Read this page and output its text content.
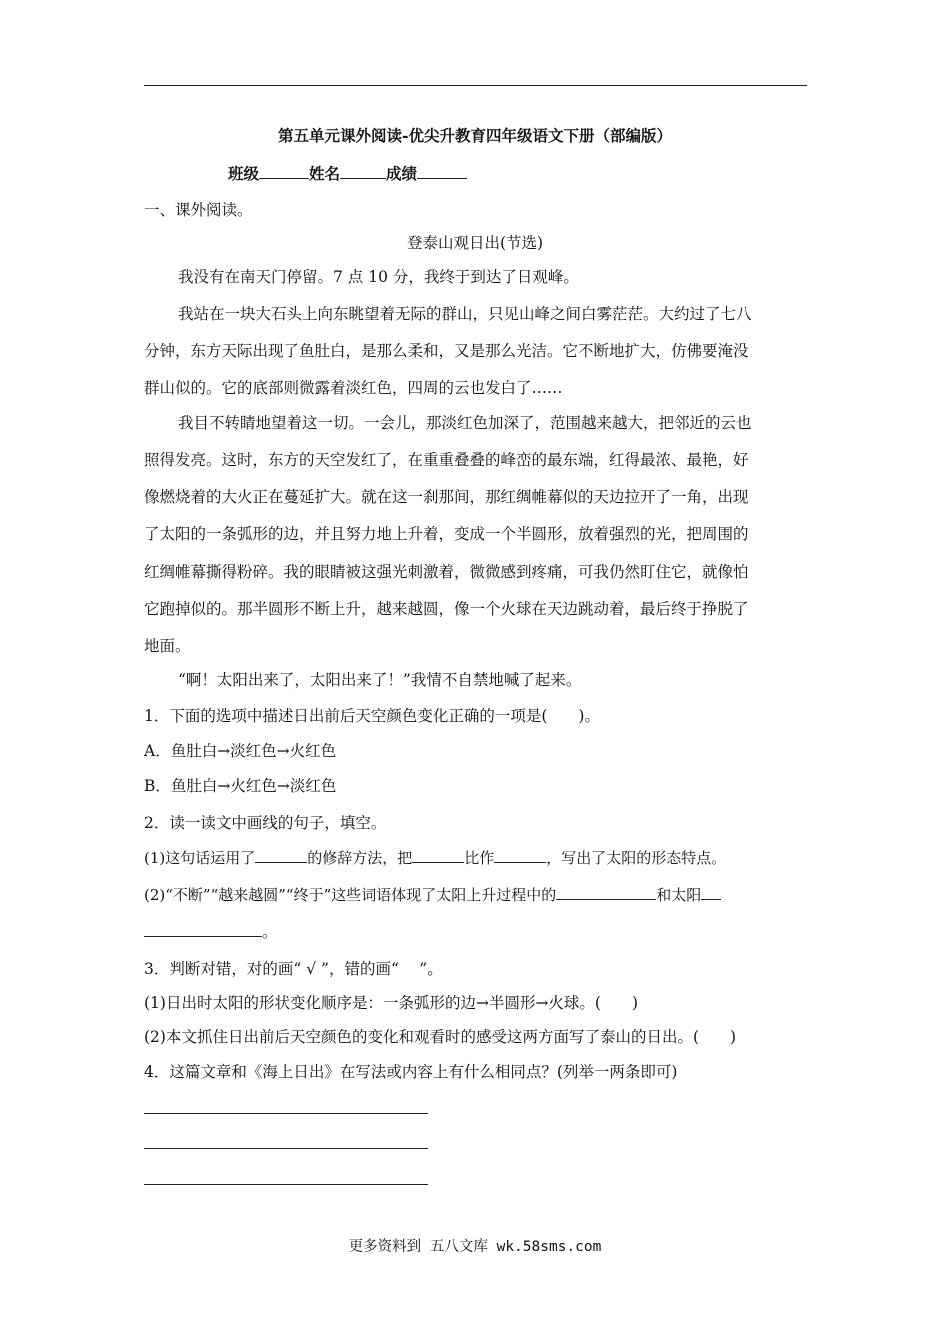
第五单元课外阅读-优尖升教育四年级语文下册（部编版）
班级	姓名	成绩
一、课外阅读。
登泰山观日出(节选)
我没有在南天门停留。7 点 10 分，我终于到达了日观峰。
我站在一块大石头上向东眺望着无际的群山，只见山峰之间白雾茫茫。大约过了七八
分钟，东方天际出现了鱼肚白，是那么柔和，又是那么光洁。它不断地扩大，仿佛要淹没
群山似的。它的底部则微露着淡红色，四周的云也发白了……
我目不转睛地望着这一切。一会儿，那淡红色加深了，范围越来越大，把邻近的云也
照得发亮。这时，东方的天空发红了，在重重叠叠的峰峦的最东端，红得最浓、最艳，好
像燃烧着的大火正在蔓延扩大。就在这一刹那间，那红绸帷幕似的天边拉开了一角，出现
了太阳的一条弧形的边，并且努力地上升着，变成一个半圆形，放着强烈的光，把周围的
红绸帷幕撕得粉碎。我的眼睛被这强光刺激着，微微感到疼痛，可我仍然盯住它，就像怕
它跑掉似的。那半圆形不断上升，越来越圆，像一个火球在天边跳动着，最后终于挣脱了
地面。
“啊！太阳出来了，太阳出来了！”我情不自禁地喊了起来。
1．下面的选项中描述日出前后天空颜色变化正确的一项是(　　)。
A．鱼肚白→淡红色→火红色
B．鱼肚白→火红色→淡红色
2．读一读文中画线的句子，填空。
(1)这句话运用了	的修辞方法，把	比作	，写出了太阳的形态特点。
(2)“不断”“越来越圆”“终于”这些词语体现了太阳上升过程中的	和太阳
。
3．判断对错，对的画“ √ ”，错的画“　 ”。
(1)日出时太阳的形状变化顺序是：一条弧形的边→半圆形→火球。(　　)
(2)本文抓住日出前后天空颜色的变化和观看时的感受这两方面写了泰山的日出。(　　)
4．这篇文章和《海上日出》在写法或内容上有什么相同点？(列举一两条即可)
更多资料到 五八文库 wk.58sms.com
